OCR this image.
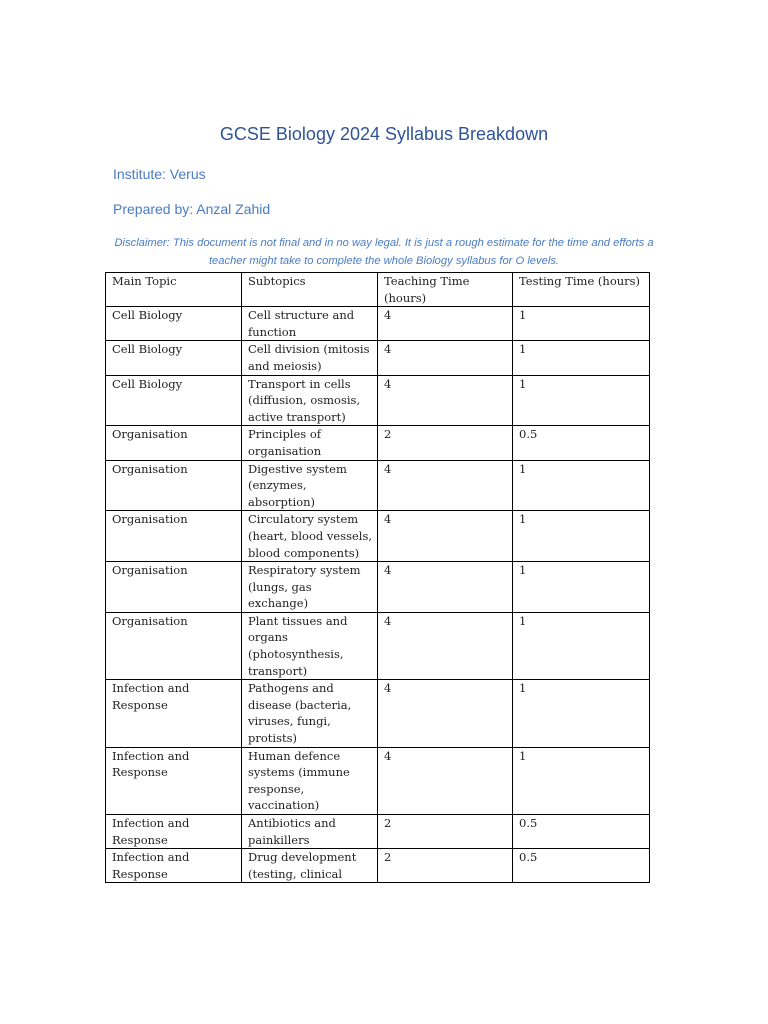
GCSE Biology 2024 Syllabus Breakdown
Institute: Verus
Prepared by: Anzal Zahid
Disclaimer: This document is not final and in no way legal. It is just a rough estimate for the time and efforts a teacher might take to complete the whole Biology syllabus for O levels.
Main Topic	Subtopics	Teaching Time (hours)	Testing Time (hours)
Cell Biology	Cell structure and function	4	1
Cell Biology	Cell division (mitosis and meiosis)	4	1
Cell Biology	Transport in cells (diffusion, osmosis, active transport)	4	1
Organisation	Principles of organisation	2	0.5
Organisation	Digestive system (enzymes, absorption)	4	1
Organisation	Circulatory system (heart, blood vessels, blood components)	4	1
Organisation	Respiratory system (lungs, gas exchange)	4	1
Organisation	Plant tissues and organs (photosynthesis, transport)	4	1
Infection and Response	Pathogens and disease (bacteria, viruses, fungi, protists)	4	1
Infection and Response	Human defence systems (immune response, vaccination)	4	1
Infection and Response	Antibiotics and painkillers	2	0.5
Infection and Response	Drug development (testing, clinical	2	0.5
